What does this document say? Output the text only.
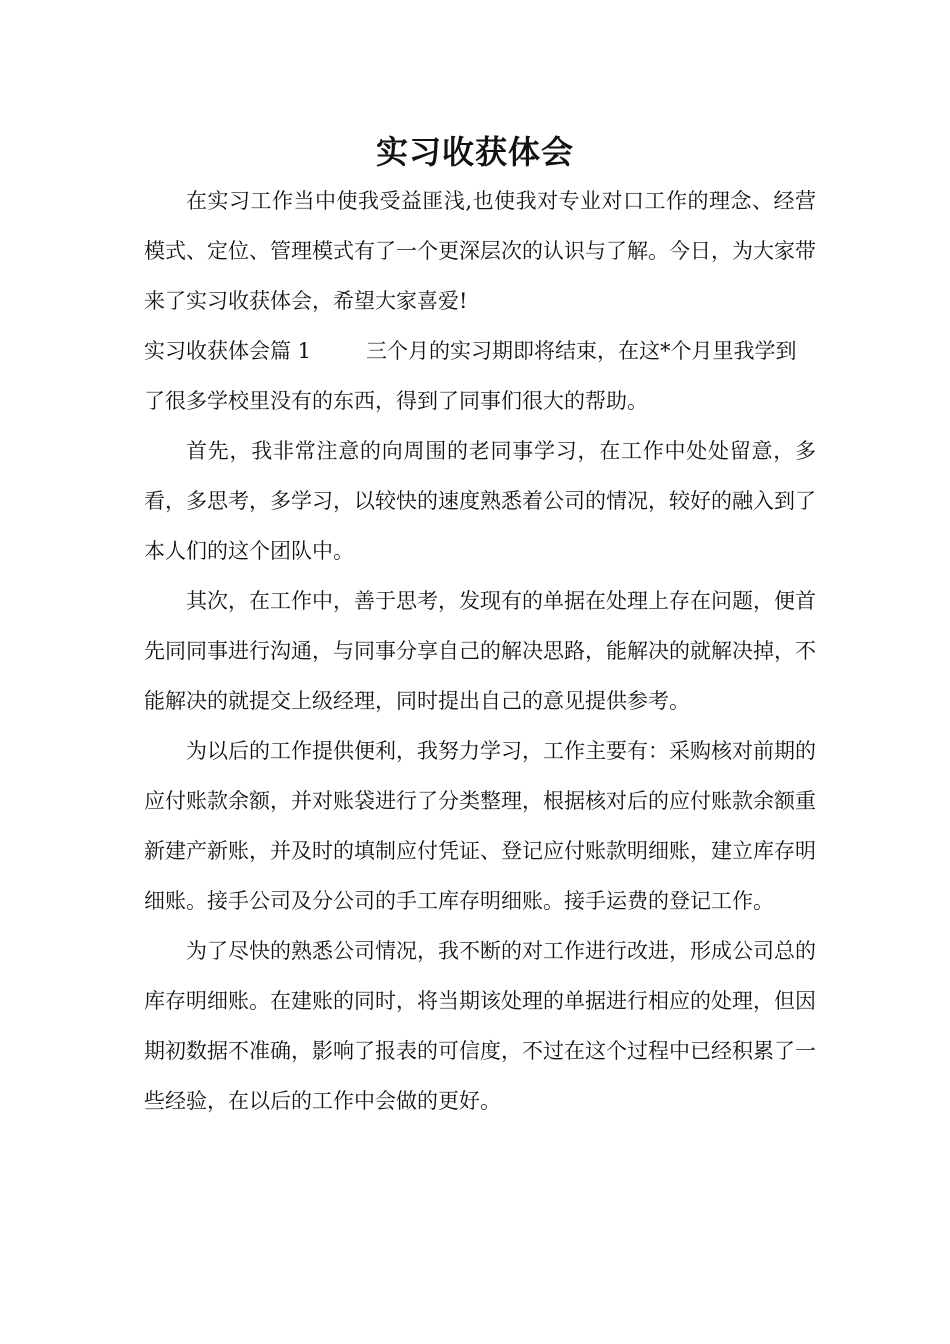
实习收获体会

在实习工作当中使我受益匪浅,也使我对专业对口工作的理念、经营模式、定位、管理模式有了一个更深层次的认识与了解。今日，为大家带来了实习收获体会，希望大家喜爱!

实习收获体会篇 1	三个月的实习期即将结束，在这*个月里我学到了很多学校里没有的东西，得到了同事们很大的帮助。

首先，我非常注意的向周围的老同事学习，在工作中处处留意，多看，多思考，多学习，以较快的速度熟悉着公司的情况，较好的融入到了本人们的这个团队中。

其次，在工作中，善于思考，发现有的单据在处理上存在问题，便首先同同事进行沟通，与同事分享自己的解决思路，能解决的就解决掉，不能解决的就提交上级经理，同时提出自己的意见提供参考。

为以后的工作提供便利，我努力学习，工作主要有：采购核对前期的应付账款余额，并对账袋进行了分类整理，根据核对后的应付账款余额重新建产新账，并及时的填制应付凭证、登记应付账款明细账，建立库存明细账。接手公司及分公司的手工库存明细账。接手运费的登记工作。

为了尽快的熟悉公司情况，我不断的对工作进行改进，形成公司总的库存明细账。在建账的同时，将当期该处理的单据进行相应的处理，但因期初数据不准确，影响了报表的可信度，不过在这个过程中已经积累了一些经验，在以后的工作中会做的更好。
